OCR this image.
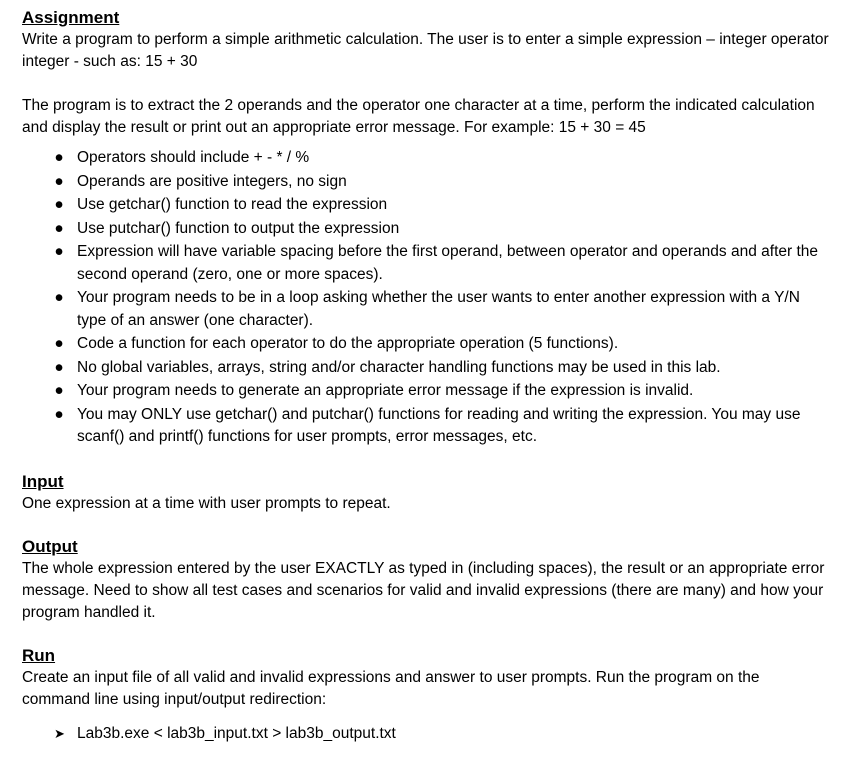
Assignment

Write a program to perform a simple arithmetic calculation. The user is to enter a simple expression – integer operator integer - such as: 15 + 30

The program is to extract the 2 operands and the operator one character at a time, perform the indicated calculation and display the result or print out an appropriate error message. For example: 15 + 30 = 45

● Operators should include + - * / %
● Operands are positive integers, no sign
● Use getchar() function to read the expression
● Use putchar() function to output the expression
● Expression will have variable spacing before the first operand, between operator and operands and after the second operand (zero, one or more spaces).
● Your program needs to be in a loop asking whether the user wants to enter another expression with a Y/N type of an answer (one character).
● Code a function for each operator to do the appropriate operation (5 functions).
● No global variables, arrays, string and/or character handling functions may be used in this lab.
● Your program needs to generate an appropriate error message if the expression is invalid.
● You may ONLY use getchar() and putchar() functions for reading and writing the expression. You may use scanf() and printf() functions for user prompts, error messages, etc.
Input

One expression at a time with user prompts to repeat.

Output

The whole expression entered by the user EXACTLY as typed in (including spaces), the result or an appropriate error message. Need to show all test cases and scenarios for valid and invalid expressions (there are many) and how your program handled it.

Run

Create an input file of all valid and invalid expressions and answer to user prompts. Run the program on the command line using input/output redirection:

➤ Lab3b.exe < lab3b_input.txt > lab3b_output.txt
